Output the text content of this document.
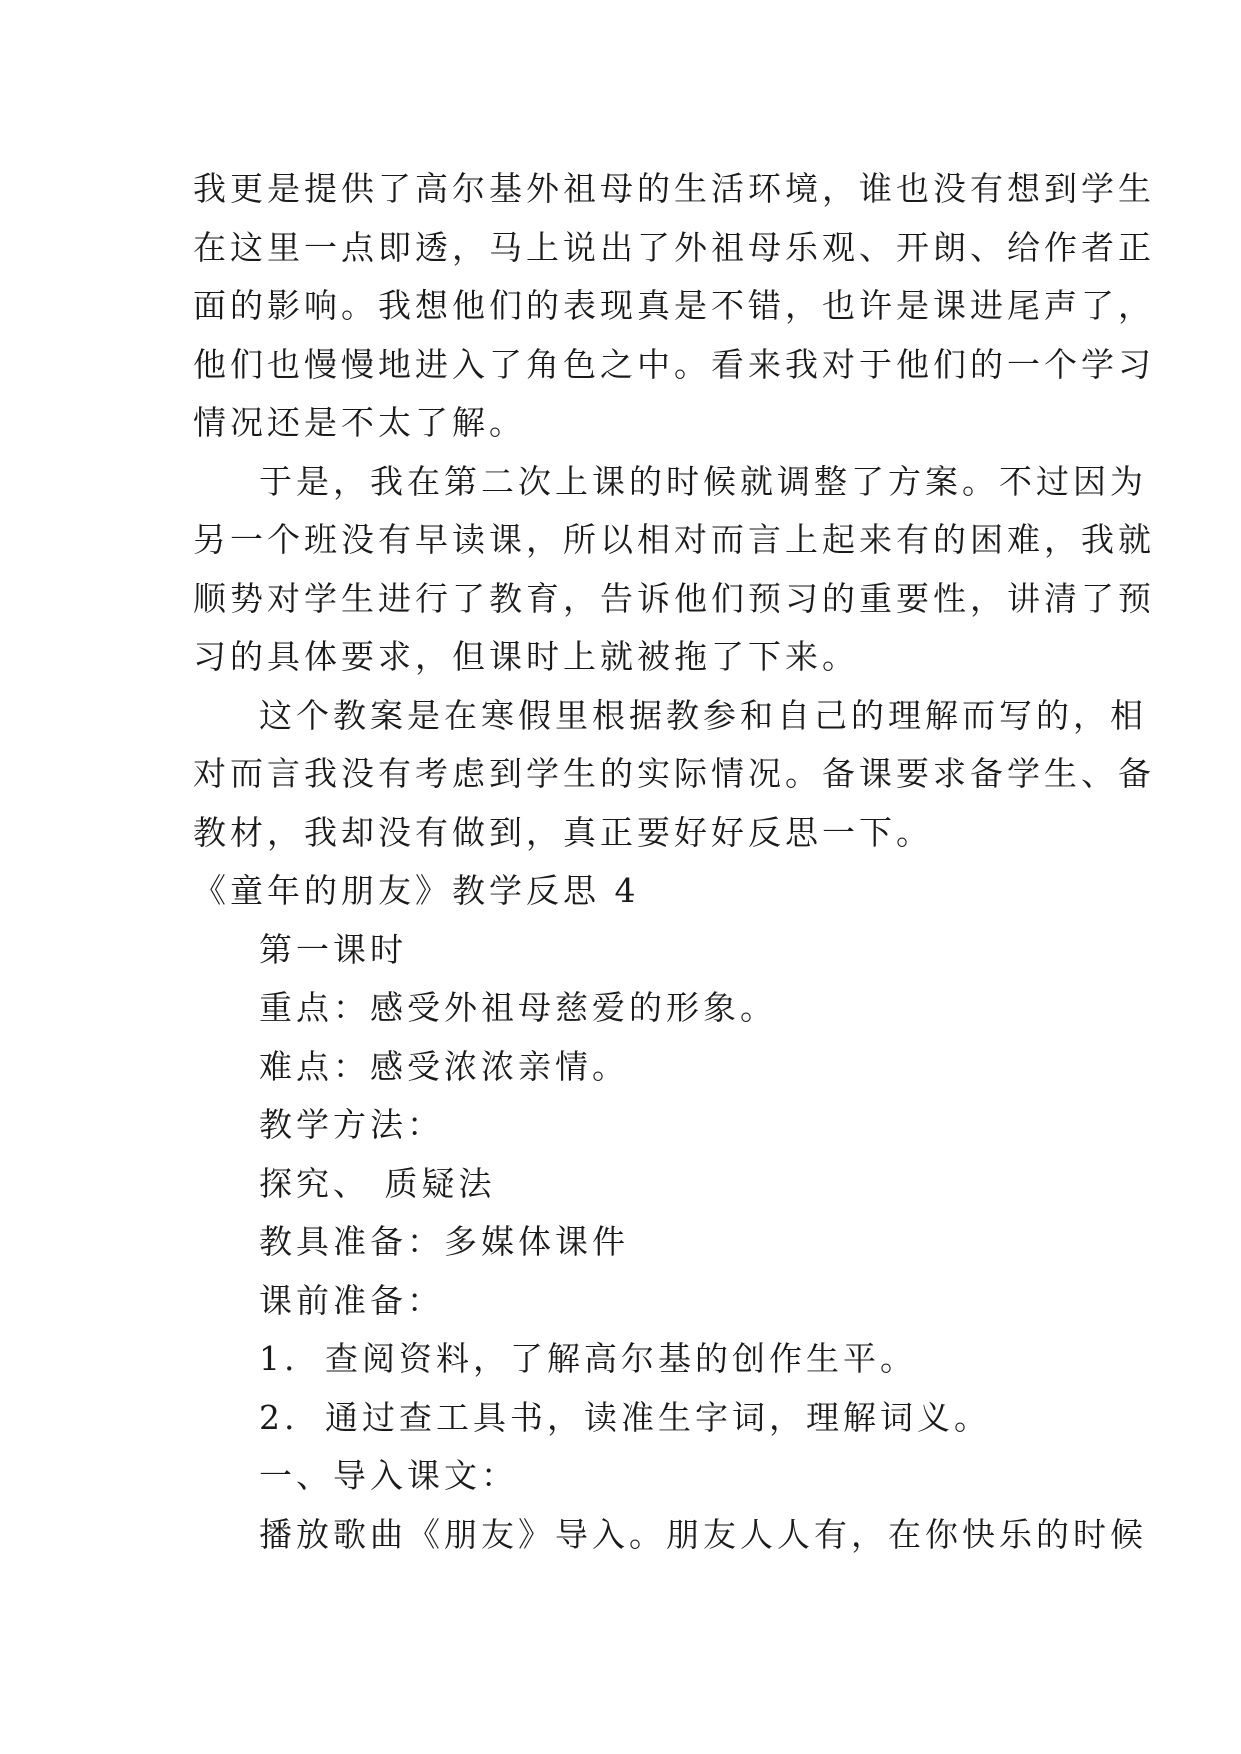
我更是提供了高尔基外祖母的生活环境，谁也没有想到学生
在这里一点即透，马上说出了外祖母乐观、开朗、给作者正
面的影响。我想他们的表现真是不错，也许是课进尾声了，
他们也慢慢地进入了角色之中。看来我对于他们的一个学习
情况还是不太了解。
于是，我在第二次上课的时候就调整了方案。不过因为
另一个班没有早读课，所以相对而言上起来有的困难，我就
顺势对学生进行了教育，告诉他们预习的重要性，讲清了预
习的具体要求，但课时上就被拖了下来。
这个教案是在寒假里根据教参和自己的理解而写的，相
对而言我没有考虑到学生的实际情况。备课要求备学生、备
教材，我却没有做到，真正要好好反思一下。
《童年的朋友》教学反思 4
第一课时
重点：感受外祖母慈爱的形象。
难点：感受浓浓亲情。
教学方法：
探究、 质疑法
教具准备：多媒体课件
课前准备：
1. 查阅资料，了解高尔基的创作生平。
2. 通过查工具书，读准生字词，理解词义。
一、导入课文：
播放歌曲《朋友》导入。朋友人人有，在你快乐的时候
